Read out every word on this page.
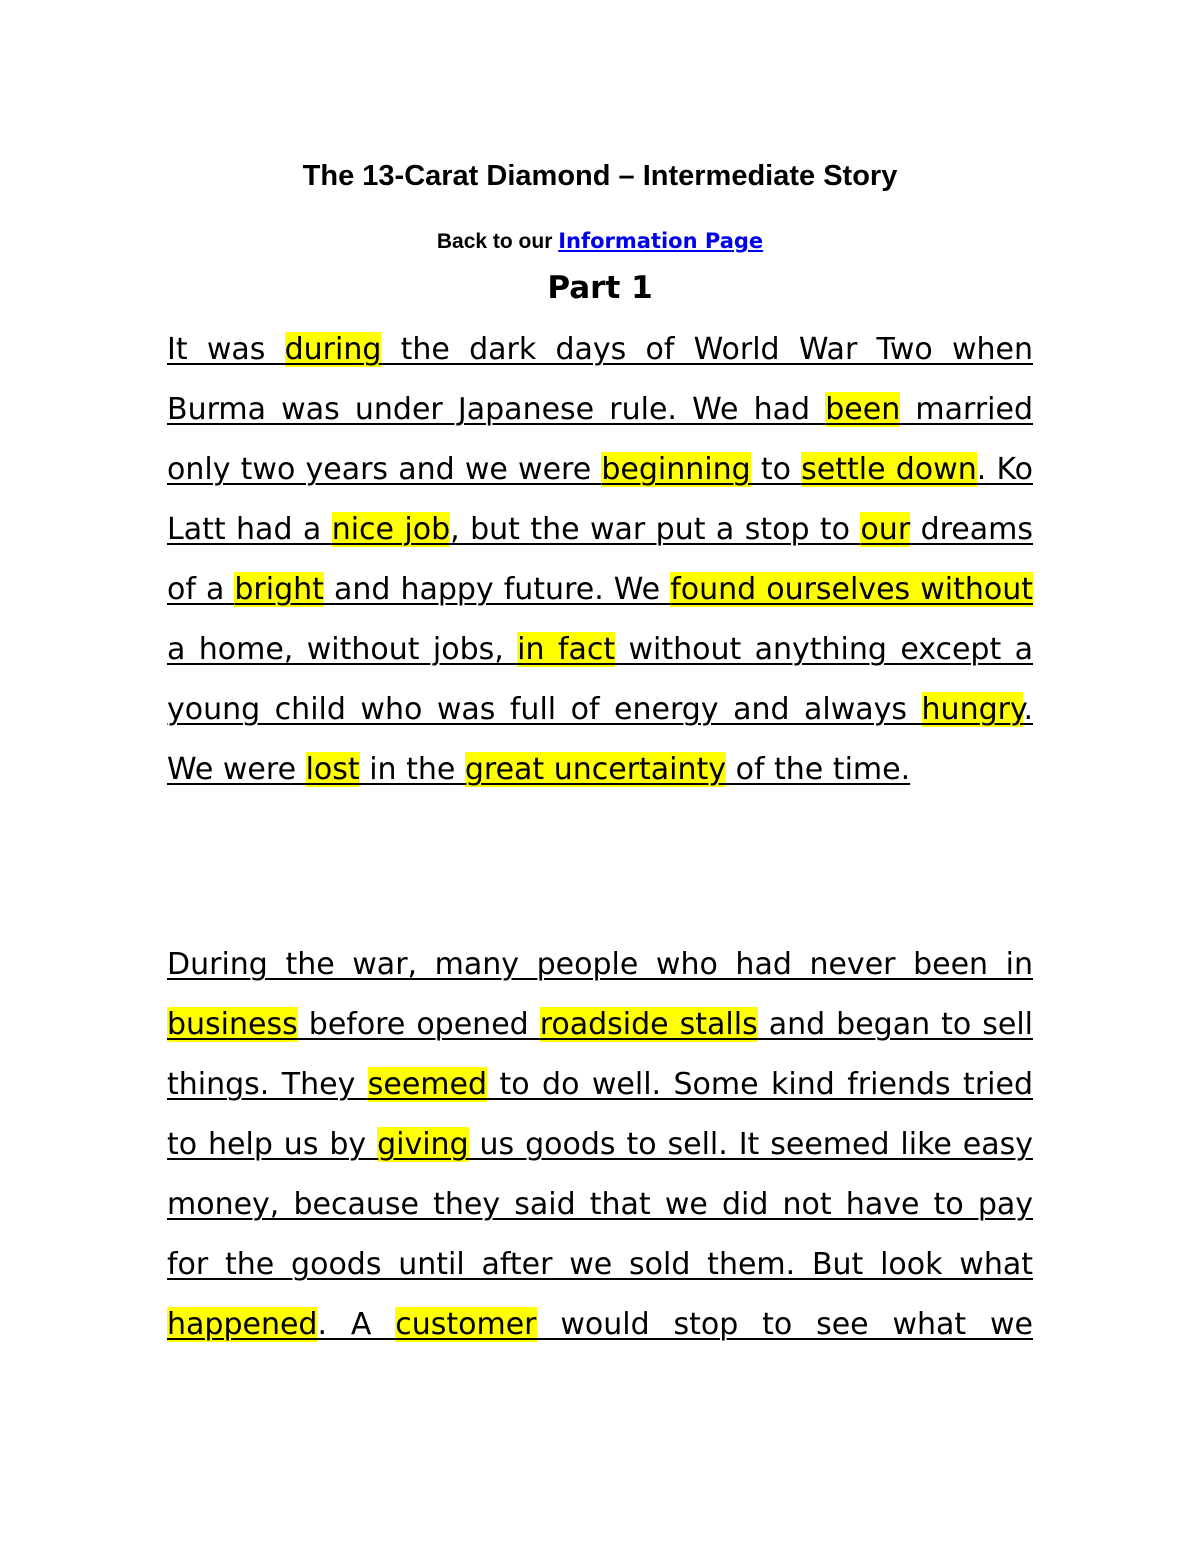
The 13-Carat Diamond – Intermediate Story
Back to our Information Page
Part 1

It was during the dark days of World War Two when Burma was under Japanese rule. We had been married only two years and we were beginning to settle down. Ko Latt had a nice job, but the war put a stop to our dreams of a bright and happy future. We found ourselves without a home, without jobs, in fact without anything except a young child who was full of energy and always hungry. We were lost in the great uncertainty of the time.

During the war, many people who had never been in business before opened roadside stalls and began to sell things. They seemed to do well. Some kind friends tried to help us by giving us goods to sell. It seemed like easy money, because they said that we did not have to pay for the goods until after we sold them. But look what happened. A customer would stop to see what we
